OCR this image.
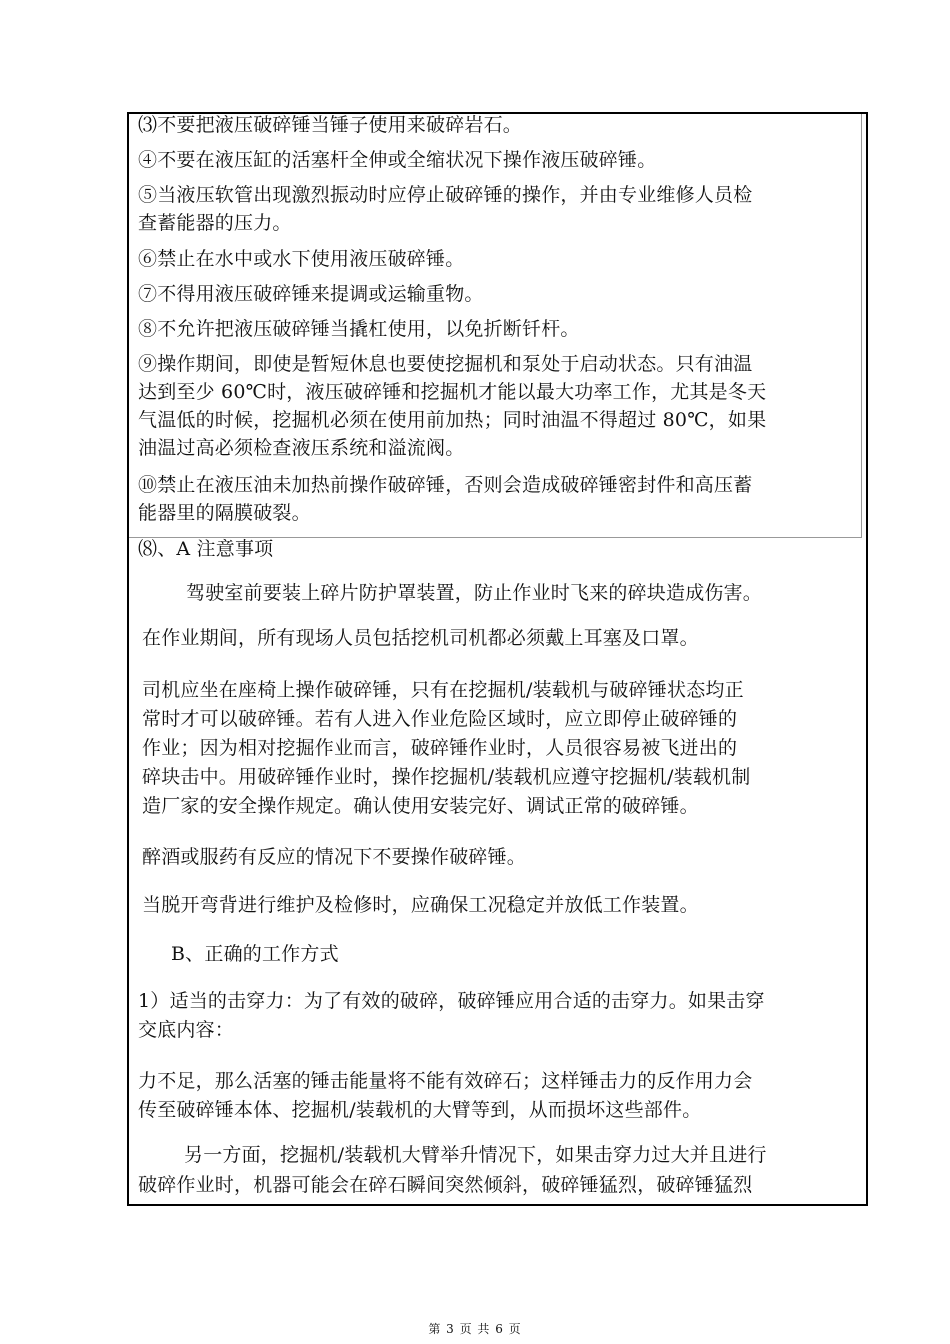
⑶不要把液压破碎锤当锤子使用来破碎岩石。
④不要在液压缸的活塞杆全伸或全缩状况下操作液压破碎锤。
⑤当液压软管出现激烈振动时应停止破碎锤的操作，并由专业维修人员检
查蓄能器的压力。
⑥禁止在水中或水下使用液压破碎锤。
⑦不得用液压破碎锤来提调或运输重物。
⑧不允许把液压破碎锤当撬杠使用，以免折断钎杆。
⑨操作期间，即使是暂短休息也要使挖掘机和泵处于启动状态。只有油温
达到至少 60℃时，液压破碎锤和挖掘机才能以最大功率工作，尤其是冬天
气温低的时候，挖掘机必须在使用前加热；同时油温不得超过 80℃，如果
油温过高必须检查液压系统和溢流阀。
⑩禁止在液压油未加热前操作破碎锤，否则会造成破碎锤密封件和高压蓄
能器里的隔膜破裂。
⑻、A 注意事项
驾驶室前要装上碎片防护罩装置，防止作业时飞来的碎块造成伤害。
在作业期间，所有现场人员包括挖机司机都必须戴上耳塞及口罩。
司机应坐在座椅上操作破碎锤，只有在挖掘机/装载机与破碎锤状态均正
常时才可以破碎锤。若有人进入作业危险区域时，应立即停止破碎锤的
作业；因为相对挖掘作业而言，破碎锤作业时，人员很容易被飞迸出的
碎块击中。用破碎锤作业时，操作挖掘机/装载机应遵守挖掘机/装载机制
造厂家的安全操作规定。确认使用安装完好、调试正常的破碎锤。
醉酒或服药有反应的情况下不要操作破碎锤。
当脱开弯背进行维护及检修时，应确保工况稳定并放低工作装置。
B、正确的工作方式
1）适当的击穿力：为了有效的破碎，破碎锤应用合适的击穿力。如果击穿
交底内容：
力不足，那么活塞的锤击能量将不能有效碎石；这样锤击力的反作用力会
传至破碎锤本体、挖掘机/装载机的大臂等到，从而损坏这些部件。
另一方面，挖掘机/装载机大臂举升情况下，如果击穿力过大并且进行
破碎作业时，机器可能会在碎石瞬间突然倾斜，破碎锤猛烈，破碎锤猛烈
第 3 页 共 6 页
